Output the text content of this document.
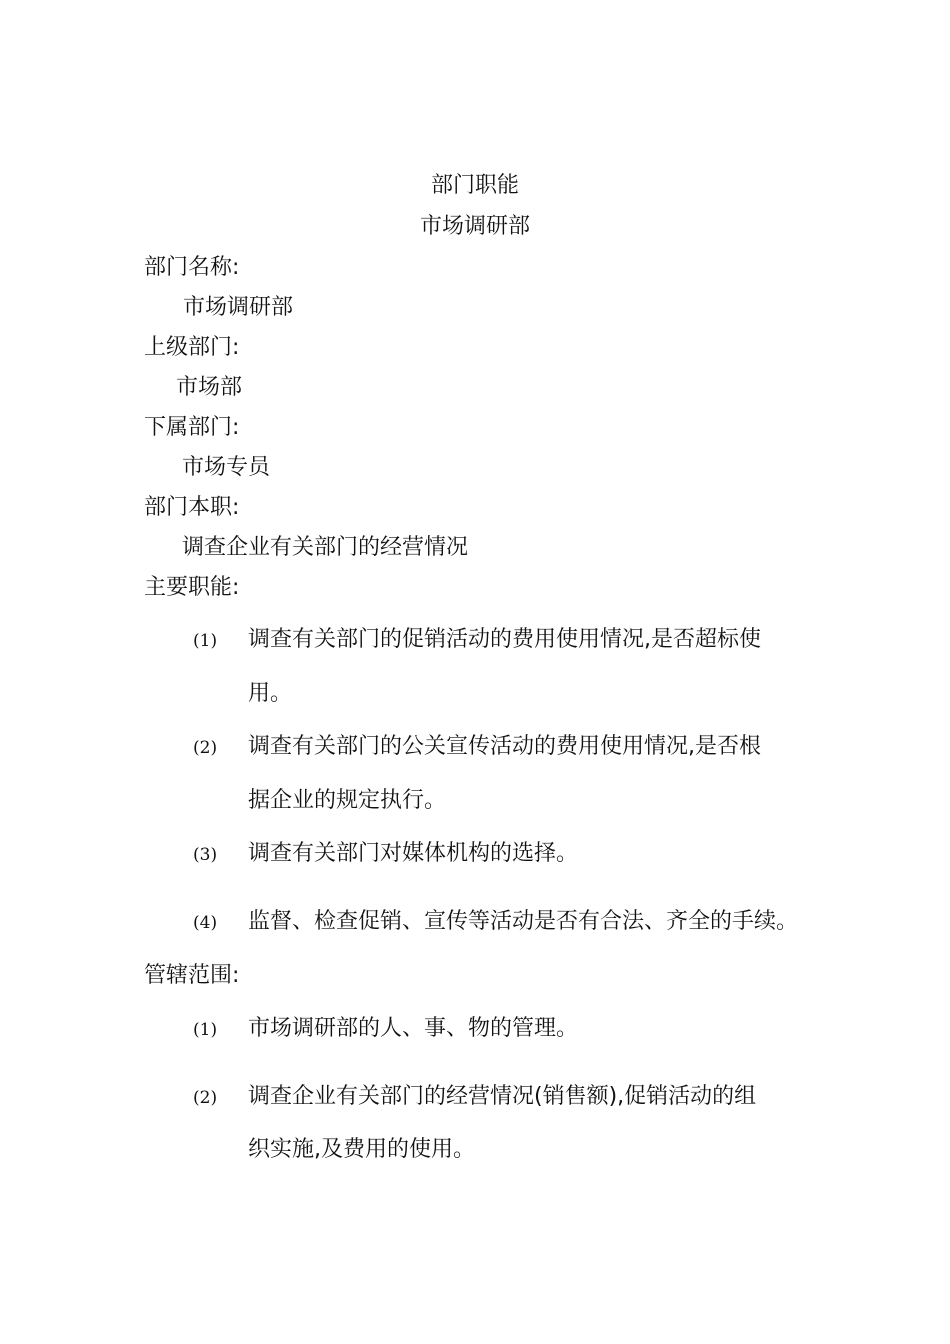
部门职能
市场调研部
部门名称:
市场调研部
上级部门:
市场部
下属部门:
市场专员
部门本职:
调查企业有关部门的经营情况
主要职能:
(1) 调查有关部门的促销活动的费用使用情况,是否超标使
用。
(2) 调查有关部门的公关宣传活动的费用使用情况,是否根
据企业的规定执行。
(3) 调查有关部门对媒体机构的选择。
(4) 监督、检查促销、宣传等活动是否有合法、齐全的手续。
管辖范围:
(1) 市场调研部的人、事、物的管理。
(2) 调查企业有关部门的经营情况(销售额),促销活动的组
织实施,及费用的使用。
